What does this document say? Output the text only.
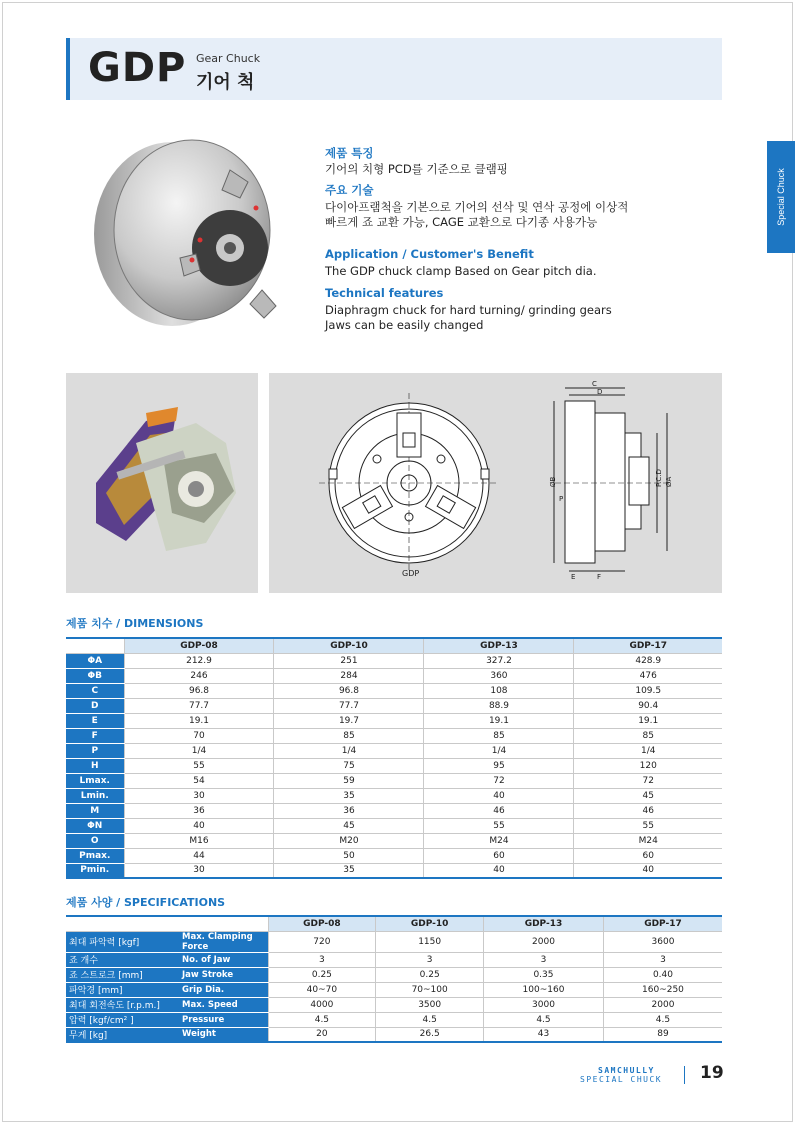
GDP Gear Chuck
기어 척
Special Chuck
제품 특징
기어의 치형 PCD를 기준으로 클램핑
주요 기술
다이아프램척을 기본으로 기어의 선삭 및 연삭 공정에 이상적
빠르게 죠 교환 가능, CAGE 교환으로 다기종 사용가능
Application / Customer's Benefit
The GDP chuck clamp Based on Gear pitch dia.
Technical features
Diaphragm chuck for hard turning/ grinding gears
Jaws can be easily changed
GDP
C
D
ØB
P
P.C.D ØA
E	F
제품 치수 / DIMENSIONS
	GDP-08	GDP-10	GDP-13	GDP-17
ΦA	212.9	251	327.2	428.9
ΦB	246	284	360	476
C	96.8	96.8	108	109.5
D	77.7	77.7	88.9	90.4
E	19.1	19.7	19.1	19.1
F	70	85	85	85
P	1/4	1/4	1/4	1/4
H	55	75	95	120
Lmax.	54	59	72	72
Lmin.	30	35	40	45
M	36	36	46	46
ΦN	40	45	55	55
O	M16	M20	M24	M24
Pmax.	44	50	60	60
Pmin.	30	35	40	40
제품 사양 / SPECIFICATIONS
		GDP-08	GDP-10	GDP-13	GDP-17
최대 파악력 [kgf]	Max. Clamping Force	720	1150	2000	3600
죠 개수	No. of Jaw	3	3	3	3
죠 스트로크 [mm]	Jaw Stroke	0.25	0.25	0.35	0.40
파악경 [mm]	Grip Dia.	40~70	70~100	100~160	160~250
최대 회전속도 [r.p.m.]	Max. Speed	4000	3500	3000	2000
압력 [kgf/cm² ]	Pressure	4.5	4.5	4.5	4.5
무게 [kg]	Weight	20	26.5	43	89
SAMCHULLY
SPECIAL CHUCK 19
